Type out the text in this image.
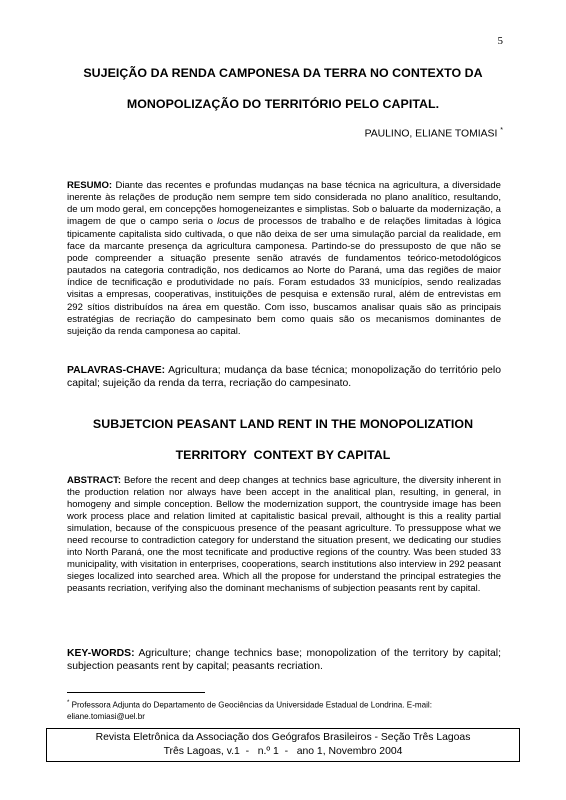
5
SUJEIÇÃO DA RENDA CAMPONESA DA TERRA NO CONTEXTO DA
MONOPOLIZAÇÃO DO TERRITÓRIO PELO CAPITAL.
PAULINO, ELIANE TOMIASI *
RESUMO: Diante das recentes e profundas mudanças na base técnica na agricultura, a diversidade inerente às relações de produção nem sempre tem sido considerada no plano analítico, resultando, de um modo geral, em concepções homogeneizantes e simplistas. Sob o baluarte da modernização, a imagem de que o campo seria o locus de processos de trabalho e de relações limitadas à lógica tipicamente capitalista sido cultivada, o que não deixa de ser uma simulação parcial da realidade, em face da marcante presença da agricultura camponesa. Partindo-se do pressuposto de que não se pode compreender a situação presente senão através de fundamentos teórico-metodológicos pautados na categoria contradição, nos dedicamos ao Norte do Paraná, uma das regiões de maior índice de tecnificação e produtividade no país. Foram estudados 33 municípios, sendo realizadas visitas a empresas, cooperativas, instituições de pesquisa e extensão rural, além de entrevistas em 292 sítios distribuídos na área em questão. Com isso, buscamos analisar quais são as principais estratégias de recriação do campesinato bem como quais são os mecanismos dominantes de sujeição da renda camponesa ao capital.
PALAVRAS-CHAVE: Agricultura; mudança da base técnica; monopolização do território pelo capital; sujeição da renda da terra, recriação do campesinato.
SUBJETCION PEASANT LAND RENT IN THE MONOPOLIZATION
TERRITORY  CONTEXT BY CAPITAL
ABSTRACT: Before the recent and deep changes at technics base agriculture, the diversity inherent in the production relation nor always have been accept in the analitical plan, resulting, in general, in homogeny and simple conception. Bellow the modernization support, the countryside image has been work process place and relation limited at capitalistic basical prevail, althought is this a reality partial simulation, because of the conspicuous presence of the peasant agriculture. To pressuppose what we need recourse to contradiction category for understand the situation present, we dedicating our studies into North Paraná, one the most tecnificate and productive regions of the country. Was been studed 33 municipality, with visitation in enterprises, cooperations, search institutions also interview in 292 peasant sieges localized into searched area. Which all the propose for understand the principal estrategies the peasants recriation, verifying also the dominant mechanisms of subjection peasants rent by capital.
KEY-WORDS: Agriculture; change technics base; monopolization of the territory by capital; subjection peasants rent by capital; peasants recriation.
* Professora Adjunta do Departamento de Geociências da Universidade Estadual de Londrina. E-mail: eliane.tomiasi@uel.br
Revista Eletrônica da Associação dos Geógrafos Brasileiros - Seção Três Lagoas
Três Lagoas, v.1  -   n.º 1  -   ano 1, Novembro 2004
